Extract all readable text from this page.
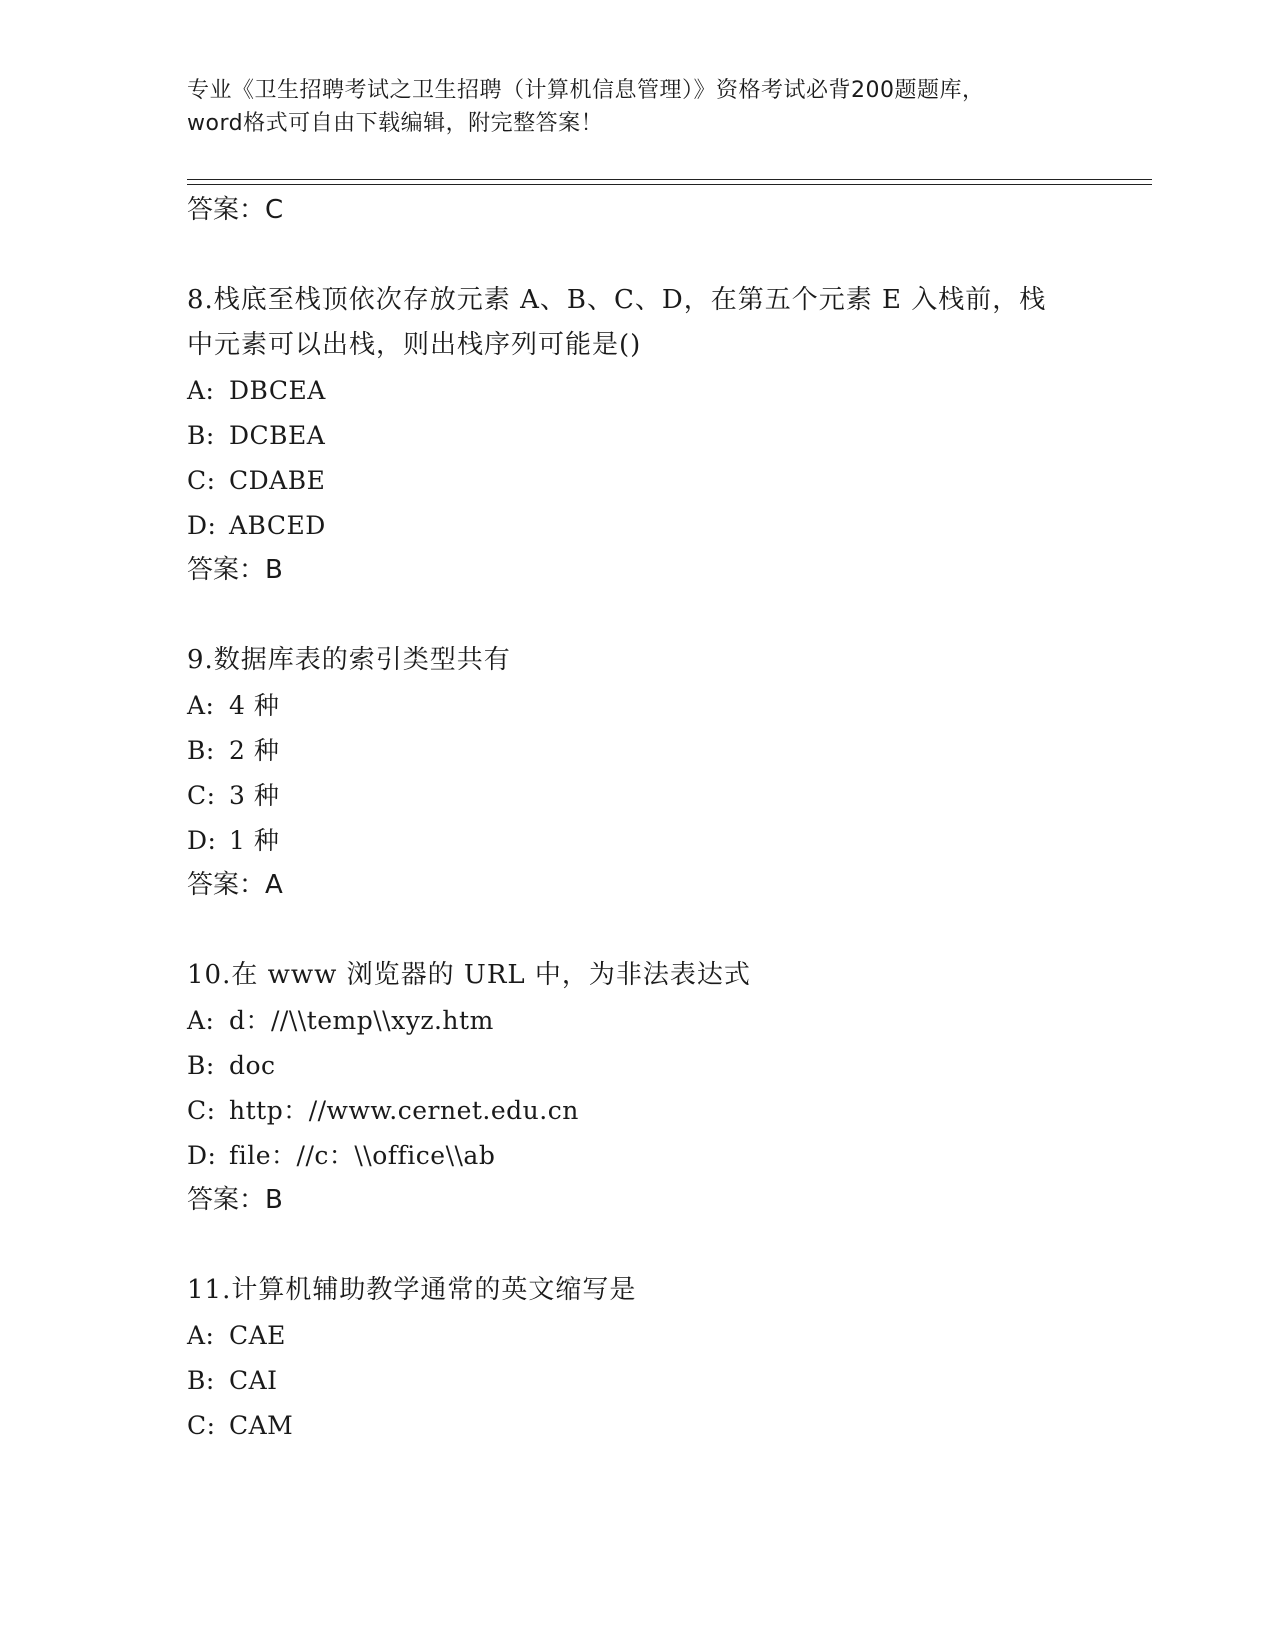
专业《卫生招聘考试之卫生招聘（计算机信息管理）》资格考试必背200题题库，
word格式可自由下载编辑，附完整答案！
答案：C
8.栈底至栈顶依次存放元素 A、B、C、D，在第五个元素 E 入栈前，栈
中元素可以出栈，则出栈序列可能是()
A: DBCEA
B: DCBEA
C: CDABE
D: ABCED
答案：B
9.数据库表的索引类型共有
A: 4 种
B: 2 种
C: 3 种
D: 1 种
答案：A
10.在 www 浏览器的 URL 中，为非法表达式
A: d：//\\temp\\xyz.htm
B: doc
C: http：//www.cernet.edu.cn
D: file：//c：\\office\\ab
答案：B
11.计算机辅助教学通常的英文缩写是
A: CAE
B: CAI
C: CAM
